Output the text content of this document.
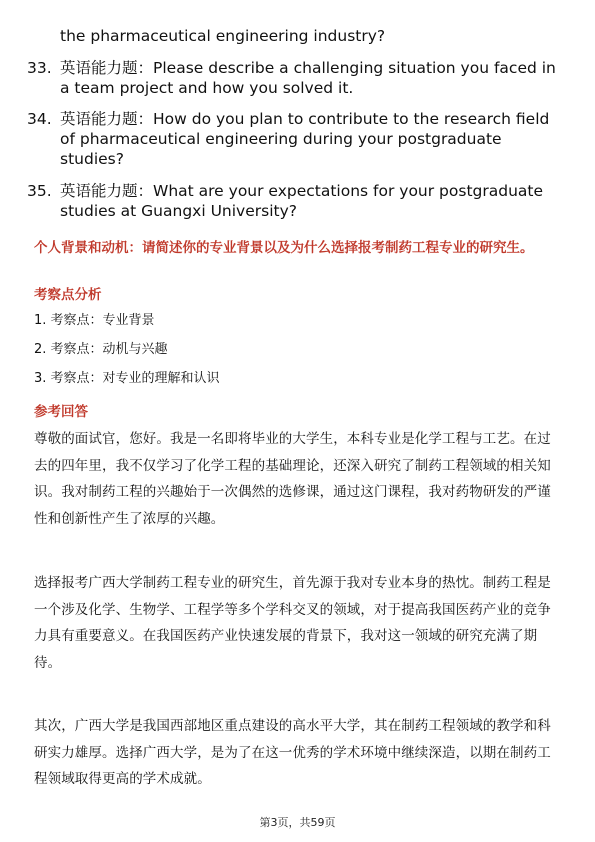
the pharmaceutical engineering industry?
33. 英语能力题：Please describe a challenging situation you faced in a team project and how you solved it.
34. 英语能力题：How do you plan to contribute to the research field of pharmaceutical engineering during your postgraduate studies?
35. 英语能力题：What are your expectations for your postgraduate studies at Guangxi University?
个人背景和动机：请简述你的专业背景以及为什么选择报考制药工程专业的研究生。
考察点分析
1. 考察点：专业背景
2. 考察点：动机与兴趣
3. 考察点：对专业的理解和认识
参考回答
尊敬的面试官，您好。我是一名即将毕业的大学生，本科专业是化学工程与工艺。在过去的四年里，我不仅学习了化学工程的基础理论，还深入研究了制药工程领域的相关知识。我对制药工程的兴趣始于一次偶然的选修课，通过这门课程，我对药物研发的严谨性和创新性产生了浓厚的兴趣。
选择报考广西大学制药工程专业的研究生，首先源于我对专业本身的热忱。制药工程是一个涉及化学、生物学、工程学等多个学科交叉的领域，对于提高我国医药产业的竞争力具有重要意义。在我国医药产业快速发展的背景下，我对这一领域的研究充满了期待。
其次，广西大学是我国西部地区重点建设的高水平大学，其在制药工程领域的教学和科研实力雄厚。选择广西大学，是为了在这一优秀的学术环境中继续深造，以期在制药工程领域取得更高的学术成就。
第3页，共59页
